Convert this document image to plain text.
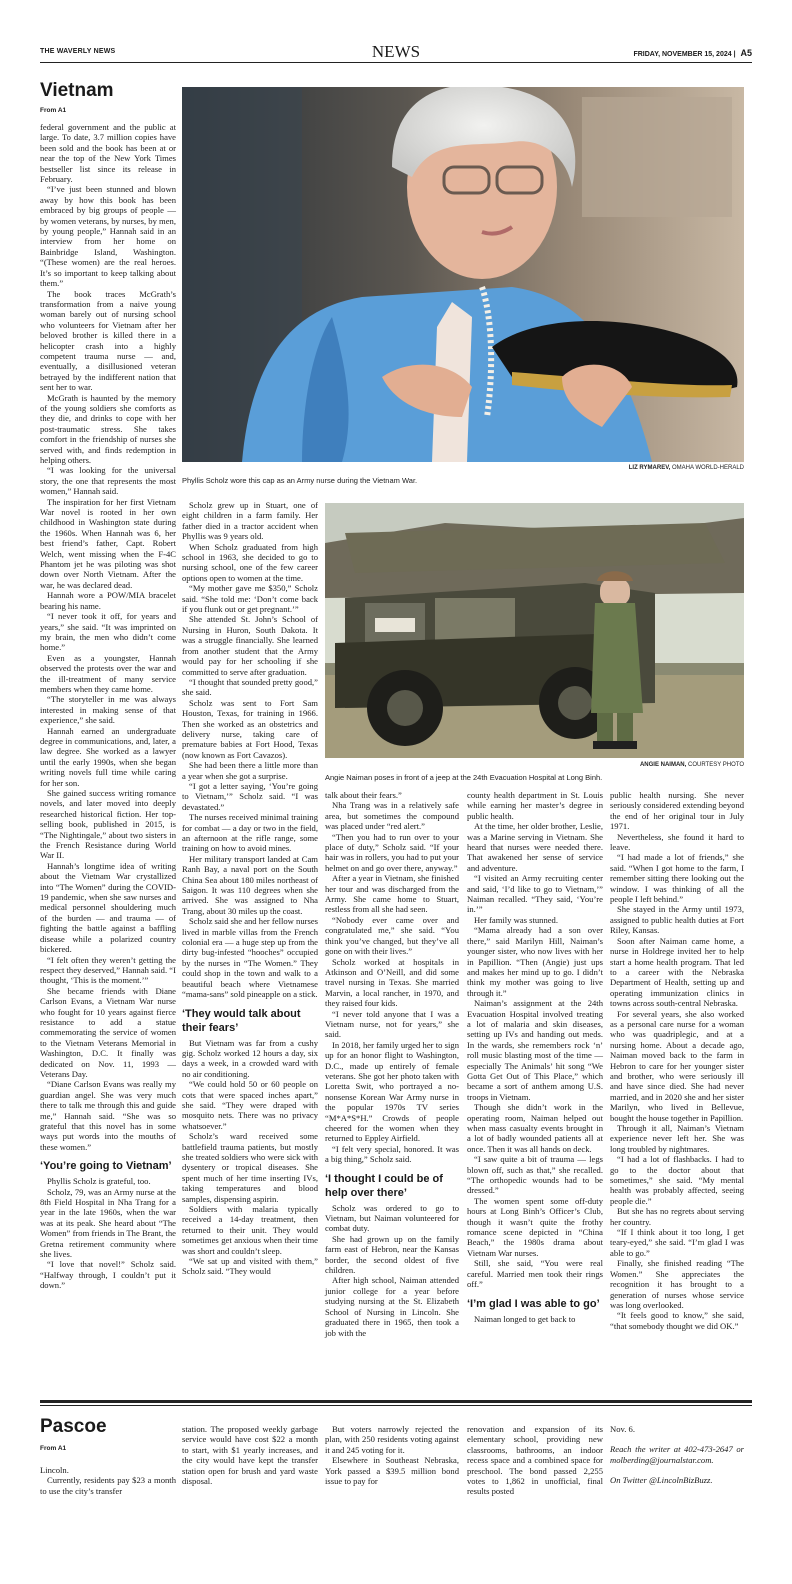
THE WAVERLY NEWS	NEWS	FRIDAY, NOVEMBER 15, 2024 | A5
Vietnam
From A1

federal government and the public at large. To date, 3.7 million copies have been sold and the book has been at or near the top of the New York Times bestseller list since its release in February.

“I’ve just been stunned and blown away by how this book has been embraced by big groups of people — by women veterans, by nurses, by men, by young people,” Hannah said in an interview from her home on Bainbridge Island, Washington. “(These women) are the real heroes. It’s so important to keep talking about them.”

The book traces McGrath’s transformation from a naive young woman barely out of nursing school who volunteers for Vietnam after her beloved brother is killed there in a helicopter crash into a highly competent trauma nurse — and, eventually, a disillusioned veteran betrayed by the indifferent nation that sent her to war.

McGrath is haunted by the memory of the young soldiers she comforts as they die, and drinks to cope with her post-traumatic stress. She takes comfort in the friendship of nurses she served with, and finds redemption in helping others.

“I was looking for the universal story, the one that represents the most women,” Hannah said.

The inspiration for her first Vietnam War novel is rooted in her own childhood in Washington state during the 1960s. When Hannah was 6, her best friend’s father, Capt. Robert Welch, went missing when the F-4C Phantom jet he was piloting was shot down over North Vietnam. After the war, he was declared dead.

Hannah wore a POW/MIA bracelet bearing his name.

“I never took it off, for years and years,” she said. “It was imprinted on my brain, the men who didn’t come home.”

Even as a youngster, Hannah observed the protests over the war and the ill-treatment of many service members when they came home.

“The storyteller in me was always interested in making sense of that experience,” she said.

Hannah earned an undergraduate degree in communications, and, later, a law degree. She worked as a lawyer until the early 1990s, when she began writing novels full time while caring for her son.

She gained success writing romance novels, and later moved into deeply researched historical fiction. Her top-selling book, published in 2015, is “The Nightingale,” about two sisters in the French Resistance during World War II.

Hannah’s longtime idea of writing about the Vietnam War crystallized into “The Women” during the COVID-19 pandemic, when she saw nurses and medical personnel shouldering much of the burden — and trauma — of fighting the battle against a baffling disease while a polarized country bickered.

“I felt often they weren’t getting the respect they deserved,” Hannah said. “I thought, ‘This is the moment.’”

She became friends with Diane Carlson Evans, a Vietnam War nurse who fought for 10 years against fierce resistance to add a statue commemorating the service of women to the Vietnam Veterans Memorial in Washington, D.C. It finally was dedicated on Nov. 11, 1993 — Veterans Day.

“Diane Carlson Evans was really my guardian angel. She was very much there to talk me through this and guide me,” Hannah said. “She was so grateful that this novel has in some ways put words into the mouths of these women.”

‘You’re going to Vietnam’

Phyllis Scholz is grateful, too.

Scholz, 79, was an Army nurse at the 8th Field Hospital in Nha Trang for a year in the late 1960s, when the war was at its peak. She heard about “The Women” from friends in The Brant, the Gretna retirement community where she lives.

“I love that novel!” Scholz said. “Halfway through, I couldn’t put it down.”

Phyllis Scholz wore this cap as an Army nurse during the Vietnam War.
LIZ RYMAREV, OMAHA WORLD-HERALD

Scholz grew up in Stuart, one of eight children in a farm family. Her father died in a tractor accident when Phyllis was 9 years old.

When Scholz graduated from high school in 1963, she decided to go to nursing school, one of the few career options open to women at the time.

“My mother gave me $350,” Scholz said. “She told me: ‘Don’t come back if you flunk out or get pregnant.’”

She attended St. John’s School of Nursing in Huron, South Dakota. It was a struggle financially. She learned from another student that the Army would pay for her schooling if she committed to serve after graduation.

“I thought that sounded pretty good,” she said.

Scholz was sent to Fort Sam Houston, Texas, for training in 1966. Then she worked as an obstetrics and delivery nurse, taking care of premature babies at Fort Hood, Texas (now known as Fort Cavazos).

She had been there a little more than a year when she got a surprise.

“I got a letter saying, ‘You’re going to Vietnam,’” Scholz said. “I was devastated.”

The nurses received minimal training for combat — a day or two in the field, an afternoon at the rifle range, some training on how to avoid mines.

Her military transport landed at Cam Ranh Bay, a naval port on the South China Sea about 180 miles northeast of Saigon. It was 110 degrees when she arrived. She was assigned to Nha Trang, about 30 miles up the coast.

Scholz said she and her fellow nurses lived in marble villas from the French colonial era — a huge step up from the dirty bug-infested “hooches” occupied by the nurses in “The Women.” They could shop in the town and walk to a beautiful beach where Vietnamese “mama-sans” sold pineapple on a stick.

‘They would talk about their fears’

But Vietnam was far from a cushy gig. Scholz worked 12 hours a day, six days a week, in a crowded ward with no air conditioning.

“We could hold 50 or 60 people on cots that were spaced inches apart,” she said. “They were draped with mosquito nets. There was no privacy whatsoever.”

Scholz’s ward received some battlefield trauma patients, but mostly she treated soldiers who were sick with dysentery or tropical diseases. She spent much of her time inserting IVs, taking temperatures and blood samples, dispensing aspirin.

Soldiers with malaria typically received a 14-day treatment, then returned to their unit. They would sometimes get anxious when their time was short and couldn’t sleep.

“We sat up and visited with them,” Scholz said. “They would

ANGIE NAIMAN, COURTESY PHOTO
Angie Naiman poses in front of a jeep at the 24th Evacuation Hospital at Long Binh.

talk about their fears.”

Nha Trang was in a relatively safe area, but sometimes the compound was placed under “red alert.”

“Then you had to run over to your place of duty,” Scholz said. “If your hair was in rollers, you had to put your helmet on and go over there, anyway.”

After a year in Vietnam, she finished her tour and was discharged from the Army. She came home to Stuart, restless from all she had seen.

“Nobody ever came over and congratulated me,” she said. “You think you’ve changed, but they’ve all gone on with their lives.”

Scholz worked at hospitals in Atkinson and O’Neill, and did some travel nursing in Texas. She married Marvin, a local rancher, in 1970, and they raised four kids.

“I never told anyone that I was a Vietnam nurse, not for years,” she said.

In 2018, her family urged her to sign up for an honor flight to Washington, D.C., made up entirely of female veterans. She got her photo taken with Loretta Swit, who portrayed a no-nonsense Korean War Army nurse in the popular 1970s TV series “M*A*S*H.” Crowds of people cheered for the women when they returned to Eppley Airfield.

“I felt very special, honored. It was a big thing,” Scholz said.

‘I thought I could be of help over there’

Scholz was ordered to go to Vietnam, but Naiman volunteered for combat duty.

She had grown up on the family farm east of Hebron, near the Kansas border, the second oldest of five children.

After high school, Naiman attended junior college for a year before studying nursing at the St. Elizabeth School of Nursing in Lincoln. She graduated there in 1965, then took a job with the

county health department in St. Louis while earning her master’s degree in public health.

At the time, her older brother, Leslie, was a Marine serving in Vietnam. She heard that nurses were needed there. That awakened her sense of service and adventure.

“I visited an Army recruiting center and said, ‘I’d like to go to Vietnam,’” Naiman recalled. “They said, ‘You’re in.’”

Her family was stunned.

“Mama already had a son over there,” said Marilyn Hill, Naiman’s younger sister, who now lives with her in Papillion. “Then (Angie) just ups and makes her mind up to go. I didn’t think my mother was going to live through it.”

Naiman’s assignment at the 24th Evacuation Hospital involved treating a lot of malaria and skin diseases, setting up IVs and handing out meds. In the wards, she remembers rock ‘n’ roll music blasting most of the time — especially The Animals’ hit song “We Gotta Get Out of This Place,” which became a sort of anthem among U.S. troops in Vietnam.

Though she didn’t work in the operating room, Naiman helped out when mass casualty events brought in a lot of badly wounded patients all at once. Then it was all hands on deck.

“I saw quite a bit of trauma — legs blown off, such as that,” she recalled. “The orthopedic wounds had to be dressed.”

The women spent some off-duty hours at Long Binh’s Officer’s Club, though it wasn’t quite the frothy romance scene depicted in “China Beach,” the 1980s drama about Vietnam War nurses.

Still, she said, “You were real careful. Married men took their rings off.”

‘I’m glad I was able to go’

Naiman longed to get back to

public health nursing. She never seriously considered extending beyond the end of her original tour in July 1971.

Nevertheless, she found it hard to leave.

“I had made a lot of friends,” she said. “When I got home to the farm, I remember sitting there looking out the window. I was thinking of all the people I left behind.”

She stayed in the Army until 1973, assigned to public health duties at Fort Riley, Kansas.

Soon after Naiman came home, a nurse in Holdrege invited her to help start a home health program. That led to a career with the Nebraska Department of Health, setting up and operating immunization clinics in towns across south-central Nebraska.

For several years, she also worked as a personal care nurse for a woman who was quadriplegic, and at a nursing home. About a decade ago, Naiman moved back to the farm in Hebron to care for her younger sister and brother, who were seriously ill and have since died. She had never married, and in 2020 she and her sister Marilyn, who lived in Bellevue, bought the house together in Papillion.

Through it all, Naiman’s Vietnam experience never left her. She was long troubled by nightmares.

“I had a lot of flashbacks. I had to go to the doctor about that sometimes,” she said. “My mental health was probably affected, seeing people die.”

But she has no regrets about serving her country.

“If I think about it too long, I get teary-eyed,” she said. “I’m glad I was able to go.”

Finally, she finished reading “The Women.” She appreciates the recognition it has brought to a generation of nurses whose service was long overlooked.

“It feels good to know,” she said, “that somebody thought we did OK.”

Pascoe
From A1

Lincoln.

Currently, residents pay $23 a month to use the city’s transfer

station. The proposed weekly garbage service would have cost $22 a month to start, with $1 yearly increases, and the city would have kept the transfer station open for brush and yard waste disposal.

But voters narrowly rejected the plan, with 250 residents voting against it and 245 voting for it.

Elsewhere in Southeast Nebraska, York passed a $39.5 million bond issue to pay for

renovation and expansion of its elementary school, providing new classrooms, bathrooms, an indoor recess space and a combined space for preschool. The bond passed 2,255 votes to 1,862 in unofficial, final results posted

Nov. 6.

Reach the writer at 402-473-2647 or molberding@journalstar.com.

On Twitter @LincolnBizBuzz.
